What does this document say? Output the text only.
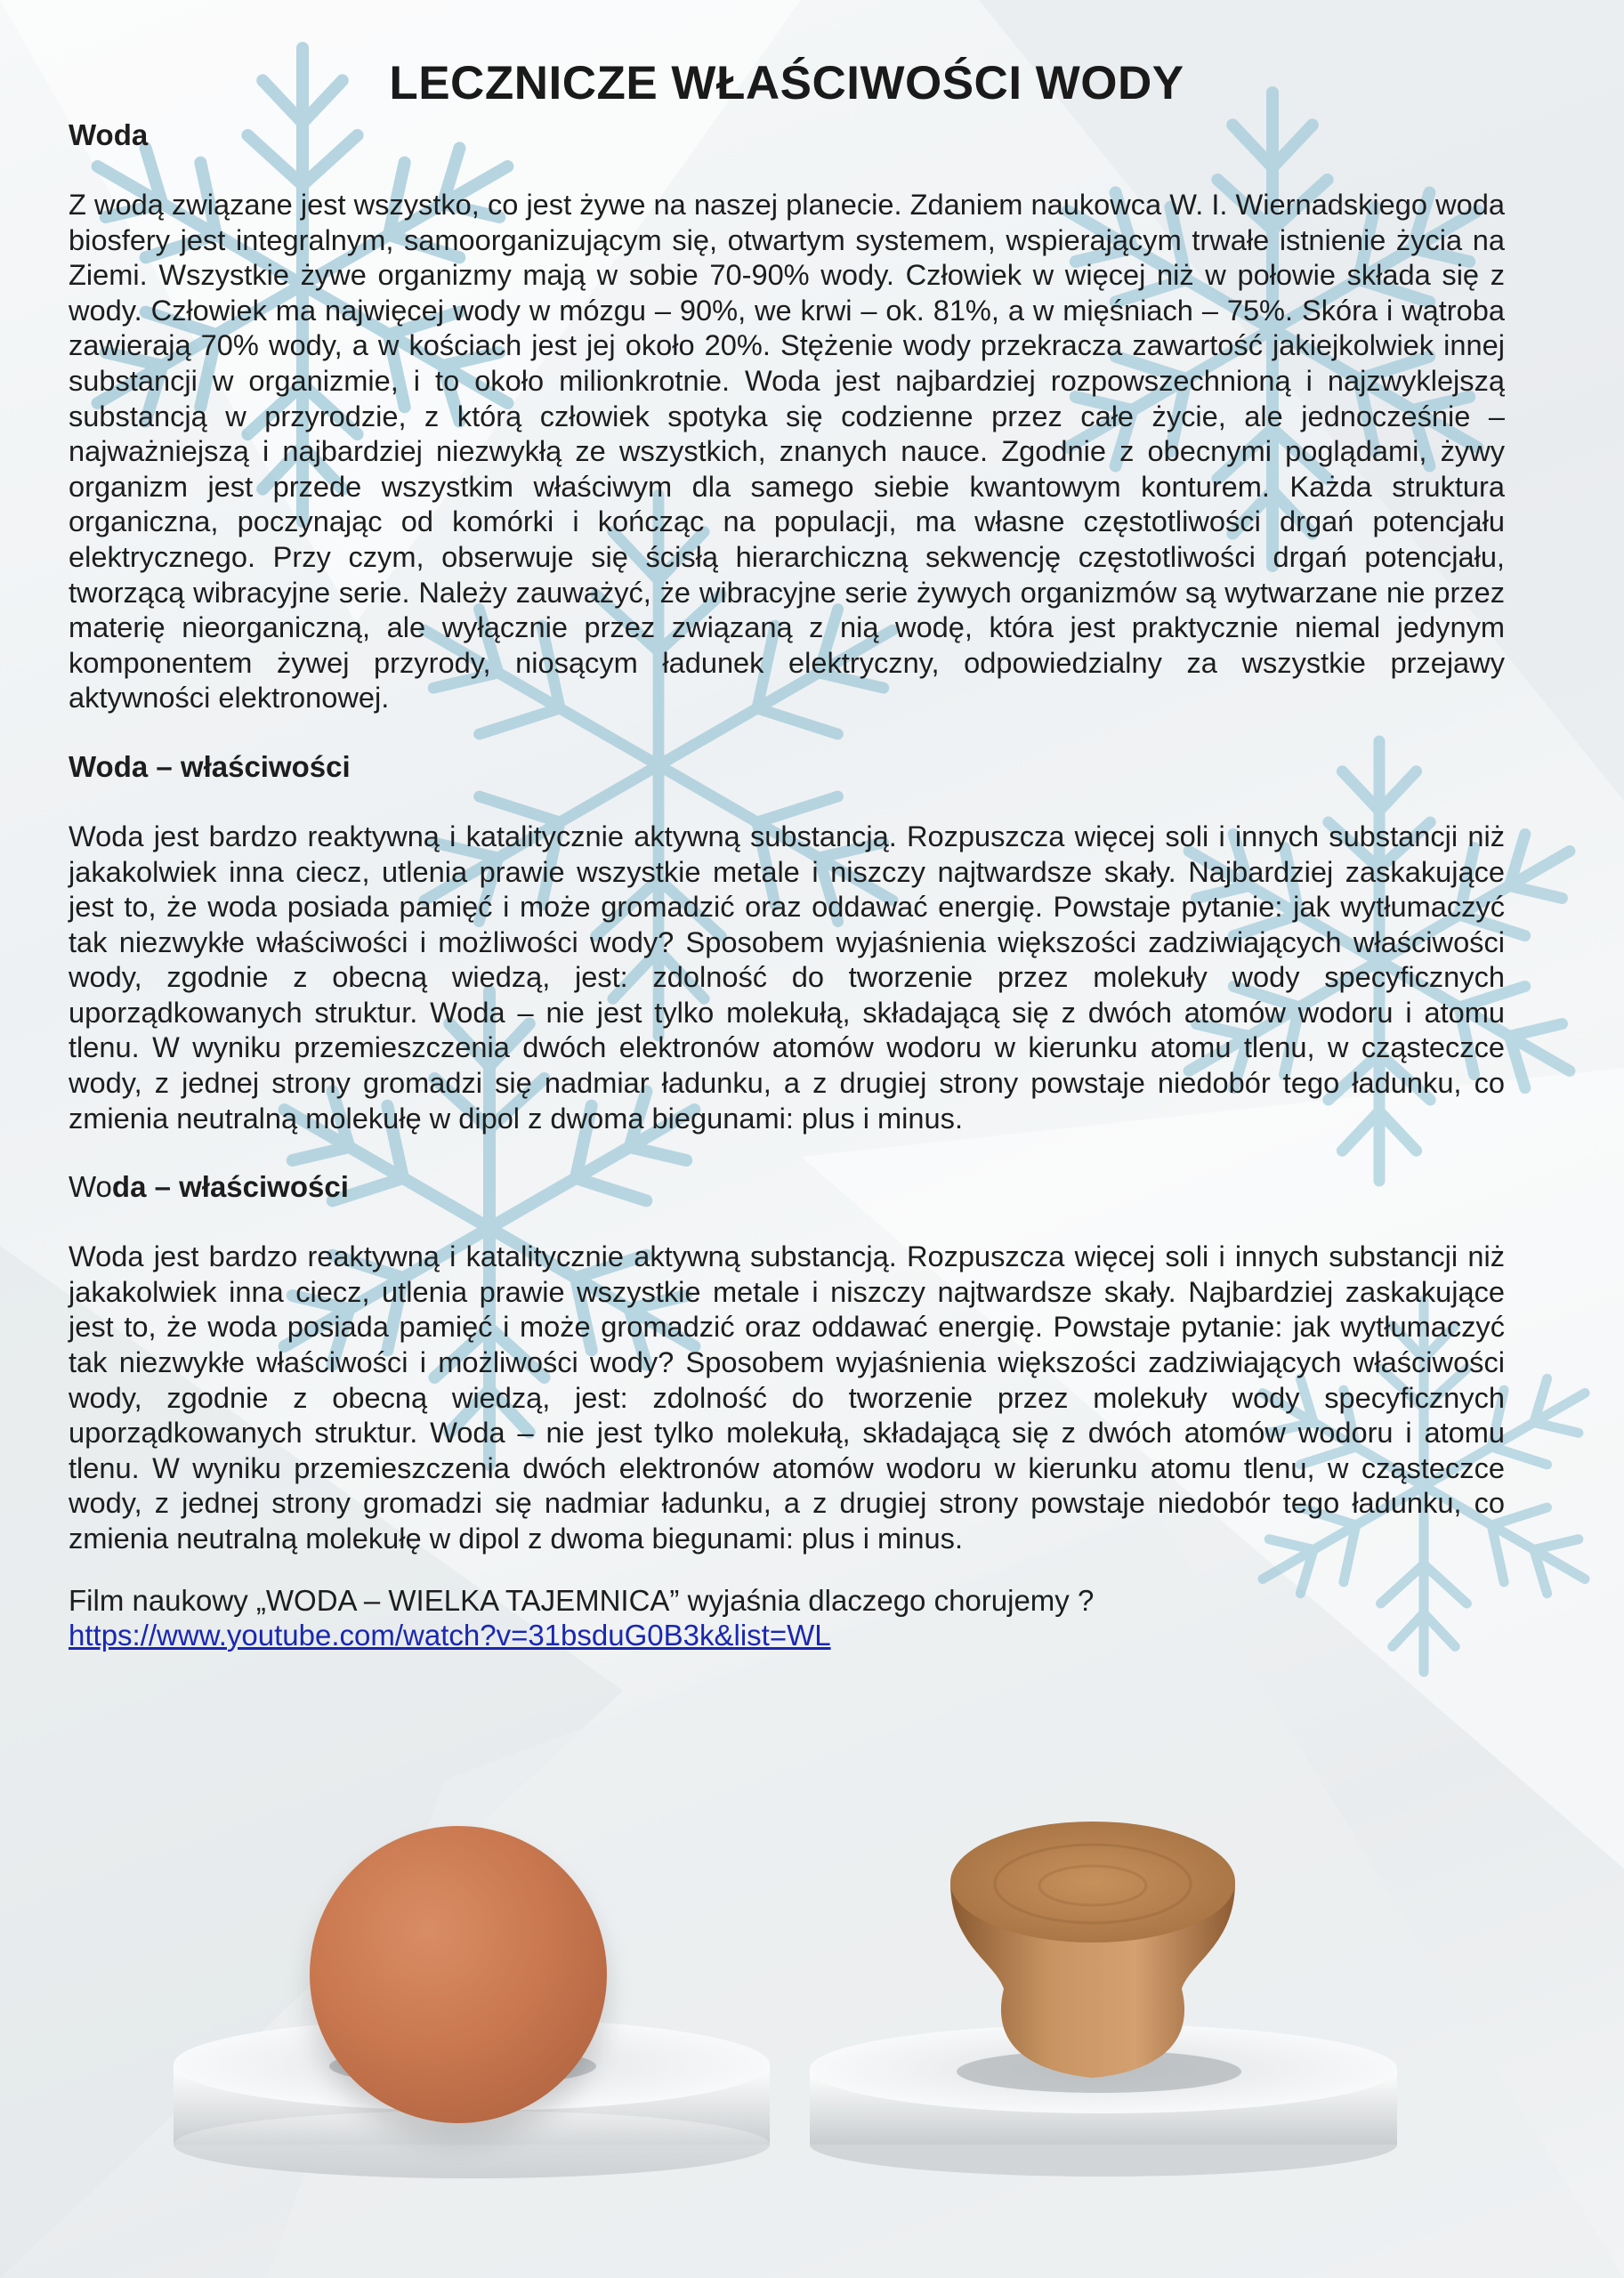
LECZNICZE WŁAŚCIWOŚCI WODY
Woda

Z wodą związane jest wszystko, co jest żywe na naszej planecie. Zdaniem naukowca W. I. Wiernadskiego woda biosfery jest integralnym, samoorganizującym się, otwartym systemem, wspierającym trwałe istnienie życia na Ziemi. Wszystkie żywe organizmy mają w sobie 70-90% wody. Człowiek w więcej niż w połowie składa się z wody. Człowiek ma najwięcej wody w mózgu – 90%, we krwi – ok. 81%, a w mięśniach – 75%. Skóra i wątroba zawierają 70% wody, a w kościach jest jej około 20%. Stężenie wody przekracza zawartość jakiejkolwiek innej substancji w organizmie, i to około milionkrotnie. Woda jest najbardziej rozpowszechnioną i najzwyklejszą substancją w przyrodzie, z którą człowiek spotyka się codzienne przez całe życie, ale jednocześnie – najważniejszą i najbardziej niezwykłą ze wszystkich, znanych nauce. Zgodnie z obecnymi poglądami, żywy organizm jest przede wszystkim właściwym dla samego siebie kwantowym konturem. Każda struktura organiczna, poczynając od komórki i kończąc na populacji, ma własne częstotliwości drgań potencjału elektrycznego. Przy czym, obserwuje się ścisłą hierarchiczną sekwencję częstotliwości drgań potencjału, tworzącą wibracyjne serie. Należy zauważyć, że wibracyjne serie żywych organizmów są wytwarzane nie przez materię nieorganiczną, ale wyłącznie przez związaną z nią wodę, która jest praktycznie niemal jedynym komponentem żywej przyrody, niosącym ładunek elektryczny, odpowiedzialny za wszystkie przejawy aktywności elektronowej.

Woda – właściwości

Woda jest bardzo reaktywną i katalitycznie aktywną substancją. Rozpuszcza więcej soli i innych substancji niż jakakolwiek inna ciecz, utlenia prawie wszystkie metale i niszczy najtwardsze skały. Najbardziej zaskakujące jest to, że woda posiada pamięć i może gromadzić oraz oddawać energię. Powstaje pytanie: jak wytłumaczyć tak niezwykłe właściwości i możliwości wody? Sposobem wyjaśnienia większości zadziwiających właściwości wody, zgodnie z obecną wiedzą, jest: zdolność do tworzenie przez molekuły wody specyficznych uporządkowanych struktur. Woda – nie jest tylko molekułą, składającą się z dwóch atomów wodoru i atomu tlenu. W wyniku przemieszczenia dwóch elektronów atomów wodoru w kierunku atomu tlenu, w cząsteczce wody, z jednej strony gromadzi się nadmiar ładunku, a z drugiej strony powstaje niedobór tego ładunku, co zmienia neutralną molekułę w dipol z dwoma biegunami: plus i minus.

Woda – właściwości

Woda jest bardzo reaktywną i katalitycznie aktywną substancją. Rozpuszcza więcej soli i innych substancji niż jakakolwiek inna ciecz, utlenia prawie wszystkie metale i niszczy najtwardsze skały. Najbardziej zaskakujące jest to, że woda posiada pamięć i może gromadzić oraz oddawać energię. Powstaje pytanie: jak wytłumaczyć tak niezwykłe właściwości i możliwości wody? Sposobem wyjaśnienia większości zadziwiających właściwości wody, zgodnie z obecną wiedzą, jest: zdolność do tworzenie przez molekuły wody specyficznych uporządkowanych struktur. Woda – nie jest tylko molekułą, składającą się z dwóch atomów wodoru i atomu tlenu. W wyniku przemieszczenia dwóch elektronów atomów wodoru w kierunku atomu tlenu, w cząsteczce wody, z jednej strony gromadzi się nadmiar ładunku, a z drugiej strony powstaje niedobór tego ładunku, co zmienia neutralną molekułę w dipol z dwoma biegunami: plus i minus.

Film naukowy „WODA – WIELKA TAJEMNICA” wyjaśnia dlaczego chorujemy ?

https://www.youtube.com/watch?v=31bsduG0B3k&list=WL
